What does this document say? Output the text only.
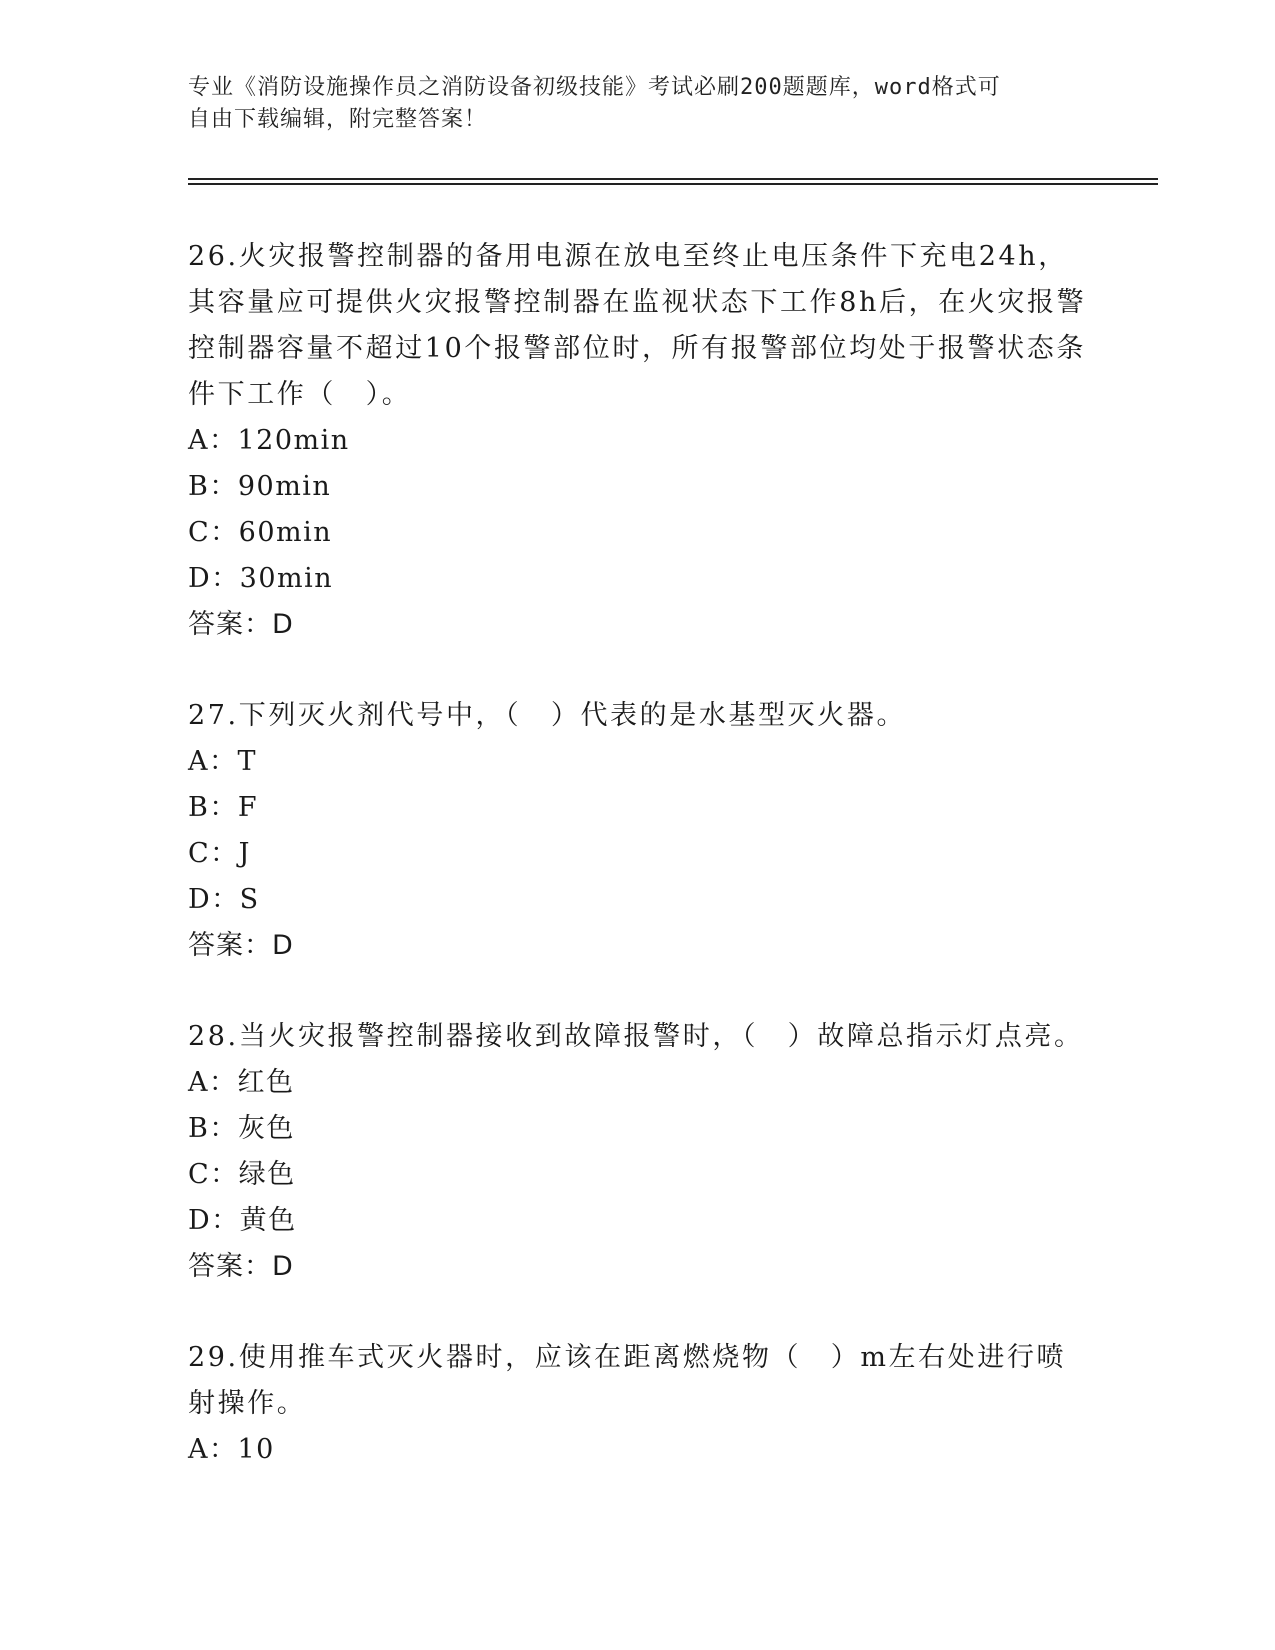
专业《消防设施操作员之消防设备初级技能》考试必刷200题题库，word格式可
自由下载编辑，附完整答案！

26.火灾报警控制器的备用电源在放电至终止电压条件下充电24h，其容量应可提供火灾报警控制器在监视状态下工作8h后，在火灾报警控制器容量不超过10个报警部位时，所有报警部位均处于报警状态条件下工作（　）。

A：120min

B：90min

C：60min

D：30min

答案：D

27.下列灭火剂代号中，（　）代表的是水基型灭火器。

A：T

B：F

C：J

D：S

答案：D

28.当火灾报警控制器接收到故障报警时，（　）故障总指示灯点亮。

A：红色

B：灰色

C：绿色

D：黄色

答案：D

29.使用推车式灭火器时，应该在距离燃烧物（　）m左右处进行喷射操作。

A：10
